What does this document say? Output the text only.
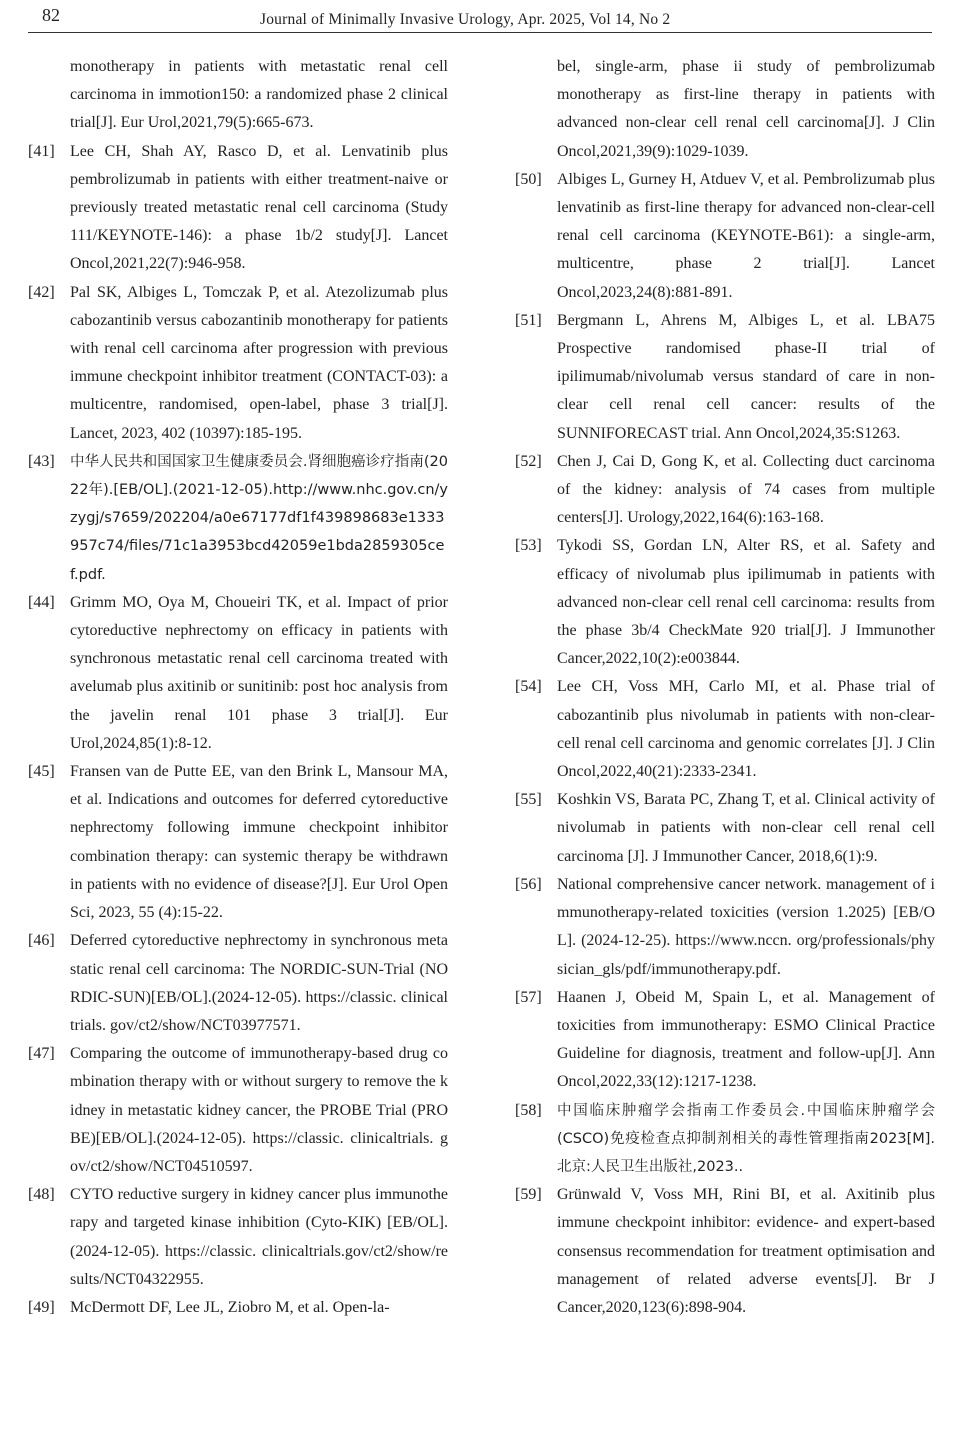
82	Journal of Minimally Invasive Urology, Apr. 2025, Vol 14, No 2
monotherapy in patients with metastatic renal cell carcinoma in immotion150: a randomized phase 2 clinical trial[J]. Eur Urol,2021,79(5):665-673.
[41] Lee CH, Shah AY, Rasco D, et al. Lenvatinib plus pembrolizumab in patients with either treatment-naive or previously treated metastatic renal cell carcinoma (Study 111/KEYNOTE-146): a phase 1b/2 study[J]. Lancet Oncol,2021,22(7):946-958.
[42] Pal SK, Albiges L, Tomczak P, et al. Atezolizumab plus cabozantinib versus cabozantinib monotherapy for patients with renal cell carcinoma after progression with previous immune checkpoint inhibitor treatment (CONTACT-03): a multicentre, randomised, open-label, phase 3 trial[J]. Lancet, 2023, 402 (10397):185-195.
[43]	中华人民共和国国家卫生健康委员会.肾细胞癌诊疗指南(2022年).[EB/OL].(2021-12-05).http://www.nhc.gov.cn/yzygj/s7659/202204/a0e67177df1f439898683e1333957c74/files/71c1a3953bcd42059e1bda2859305cef.pdf.
[44] Grimm MO, Oya M, Choueiri TK, et al. Impact of prior cytoreductive nephrectomy on efficacy in patients with synchronous metastatic renal cell carcinoma treated with avelumab plus axitinib or sunitinib: post hoc analysis from the javelin renal 101 phase 3 trial[J]. Eur Urol,2024,85(1):8-12.
[45] Fransen van de Putte EE, van den Brink L, Mansour MA, et al. Indications and outcomes for deferred cytoreductive nephrectomy following immune checkpoint inhibitor combination therapy: can systemic therapy be withdrawn in patients with no evidence of disease?[J]. Eur Urol Open Sci, 2023, 55 (4):15-22.
[46] Deferred cytoreductive nephrectomy in synchronous metastatic renal cell carcinoma: The NORDIC-SUN-Trial (NORDIC-SUN)[EB/OL].(2024-12-05). https://classic. clinicaltrials. gov/ct2/show/NCT03977571.
[47] Comparing the outcome of immunotherapy-based drug combination therapy with or without surgery to remove the kidney in metastatic kidney cancer, the PROBE Trial (PROBE)[EB/OL].(2024-12-05). https://classic. clinicaltrials. gov/ct2/show/NCT04510597.
[48] CYTO reductive surgery in kidney cancer plus immunotherapy and targeted kinase inhibition (Cyto-KIK) [EB/OL].(2024-12-05). https://classic. clinicaltrials.gov/ct2/show/results/NCT04322955.
[49] McDermott DF, Lee JL, Ziobro M, et al. Open-la-
bel, single-arm, phase ii study of pembrolizumab monotherapy as first-line therapy in patients with advanced non-clear cell renal cell carcinoma[J]. J Clin Oncol,2021,39(9):1029-1039.
[50] Albiges L, Gurney H, Atduev V, et al. Pembrolizumab plus lenvatinib as first-line therapy for advanced non-clear-cell renal cell carcinoma (KEYNOTE-B61): a single-arm, multicentre, phase 2 trial[J]. Lancet Oncol,2023,24(8):881-891.
[51] Bergmann L, Ahrens M, Albiges L, et al. LBA75 Prospective randomised phase-II trial of ipilimumab/nivolumab versus standard of care in non-clear cell renal cell cancer: results of the SUNNIFORECAST trial. Ann Oncol,2024,35:S1263.
[52] Chen J, Cai D, Gong K, et al. Collecting duct carcinoma of the kidney: analysis of 74 cases from multiple centers[J]. Urology,2022,164(6):163-168.
[53] Tykodi SS, Gordan LN, Alter RS, et al. Safety and efficacy of nivolumab plus ipilimumab in patients with advanced non-clear cell renal cell carcinoma: results from the phase 3b/4 CheckMate 920 trial[J]. J Immunother Cancer,2022,10(2):e003844.
[54] Lee CH, Voss MH, Carlo MI, et al. Phase trial of cabozantinib plus nivolumab in patients with non-clear-cell renal cell carcinoma and genomic correlates [J]. J Clin Oncol,2022,40(21):2333-2341.
[55] Koshkin VS, Barata PC, Zhang T, et al. Clinical activity of nivolumab in patients with non-clear cell renal cell carcinoma [J]. J Immunother Cancer, 2018,6(1):9.
[56] National comprehensive cancer network. management of immunotherapy-related toxicities (version 1.2025) [EB/OL]. (2024-12-25). https://www.nccn. org/professionals/physician_gls/pdf/immunotherapy.pdf.
[57] Haanen J, Obeid M, Spain L, et al. Management of toxicities from immunotherapy: ESMO Clinical Practice Guideline for diagnosis, treatment and follow-up[J]. Ann Oncol,2022,33(12):1217-1238.
[58]	中国临床肿瘤学会指南工作委员会.中国临床肿瘤学会(CSCO)免疫检查点抑制剂相关的毒性管理指南2023[M].北京:人民卫生出版社,2023..
[59] Grünwald V, Voss MH, Rini BI, et al. Axitinib plus immune checkpoint inhibitor: evidence- and expert-based consensus recommendation for treatment optimisation and management of related adverse events[J]. Br J Cancer,2020,123(6):898-904.
